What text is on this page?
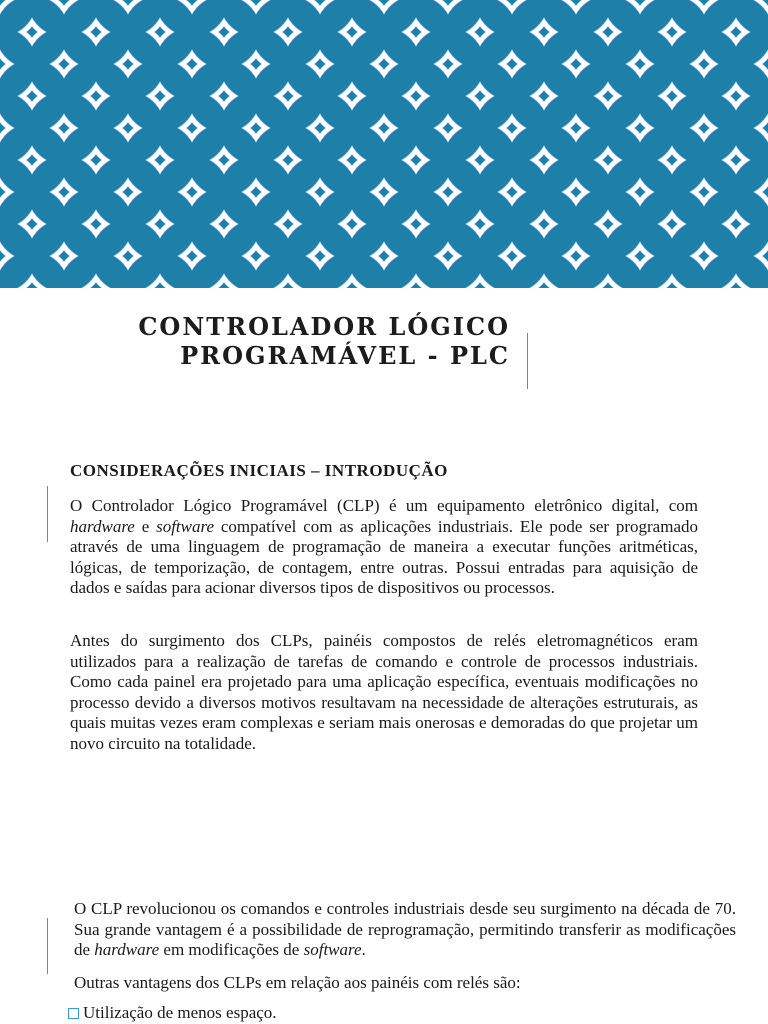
CONTROLADOR LÓGICO
PROGRAMÁVEL - PLC
CONSIDERAÇÕES INICIAIS – INTRODUÇÃO

O Controlador Lógico Programável (CLP) é um equipamento eletrônico digital, com hardware e software compatível com as aplicações industriais. Ele pode ser programado através de uma linguagem de programação de maneira a executar funções aritméticas, lógicas, de temporização, de contagem, entre outras. Possui entradas para aquisição de dados e saídas para acionar diversos tipos de dispositivos ou processos.

Antes do surgimento dos CLPs, painéis compostos de relés eletromagnéticos eram utilizados para a realização de tarefas de comando e controle de processos industriais. Como cada painel era projetado para uma aplicação específica, eventuais modificações no processo devido a diversos motivos resultavam na necessidade de alterações estruturais, as quais muitas vezes eram complexas e seriam mais onerosas e demoradas do que projetar um novo circuito na totalidade.

O CLP revolucionou os comandos e controles industriais desde seu surgimento na década de 70. Sua grande vantagem é a possibilidade de reprogramação, permitindo transferir as modificações de hardware em modificações de software.

Outras vantagens dos CLPs em relação aos painéis com relés são:

Utilização de menos espaço.
